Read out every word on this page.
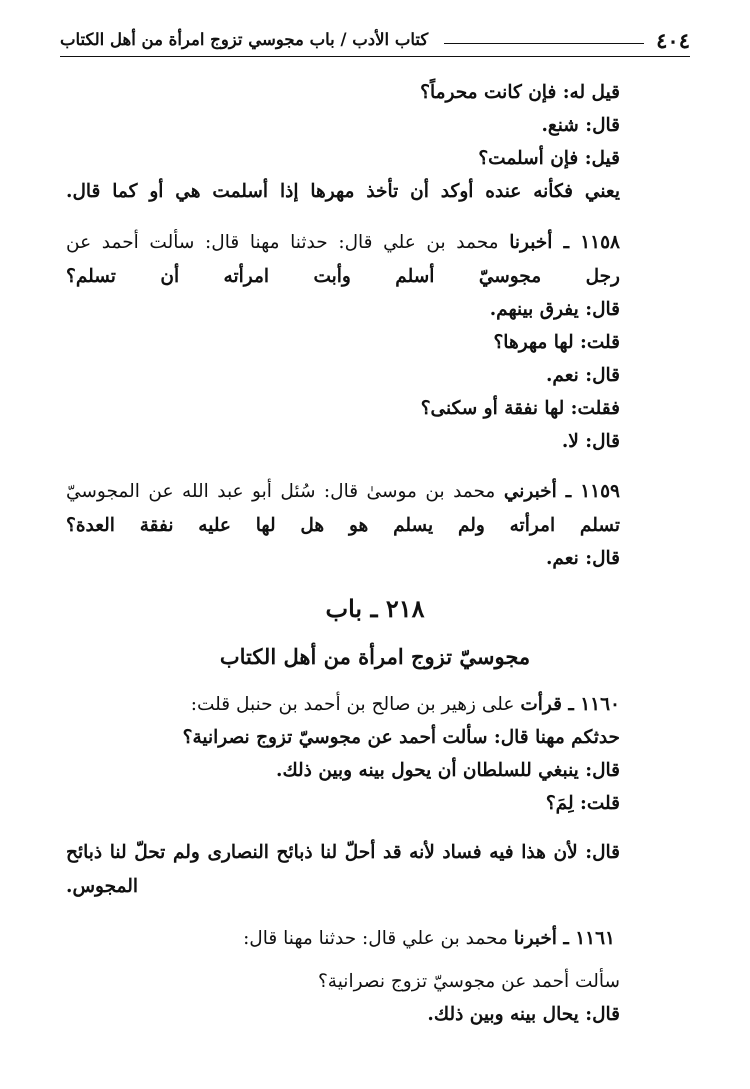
٤٠٤
كتاب الأدب / باب مجوسي تزوج امرأة من أهل الكتاب
قيل له: فإن كانت محرماً؟
قال: شنع.
قيل: فإن أسلمت؟
يعني فكأنه عنده أوكد أن تأخذ مهرها إذا أسلمت هي أو كما قال.
١١٥٨ ـ أخبرنا محمد بن علي قال: حدثنا مهنا قال: سألت أحمد عن
رجل مجوسيّ أسلم وأبت امرأته أن تسلم؟
قال: يفرق بينهم.
قلت: لها مهرها؟
قال: نعم.
فقلت: لها نفقة أو سكنى؟
قال: لا.
١١٥٩ ـ أخبرني محمد بن موسىٰ قال: سُئل أبو عبد الله عن المجوسيّ
تسلم امرأته ولم يسلم هو هل لها عليه نفقة العدة؟
قال: نعم.
٢١٨ ـ باب
مجوسيّ تزوج امرأة من أهل الكتاب
١١٦٠ ـ قرأت على زهير بن صالح بن أحمد بن حنبل قلت:
حدثكم مهنا قال: سألت أحمد عن مجوسيّ تزوج نصرانية؟
قال: ينبغي للسلطان أن يحول بينه وبين ذلك.
قلت: لِمَ؟
قال: لأن هذا فيه فساد لأنه قد أحلّ لنا ذبائح النصارى ولم تحلّ لنا ذبائح
المجوس.
١١٦١ ـ أخبرنا محمد بن علي قال: حدثنا مهنا قال:
سألت أحمد عن مجوسيّ تزوج نصرانية؟
قال: يحال بينه وبين ذلك.
